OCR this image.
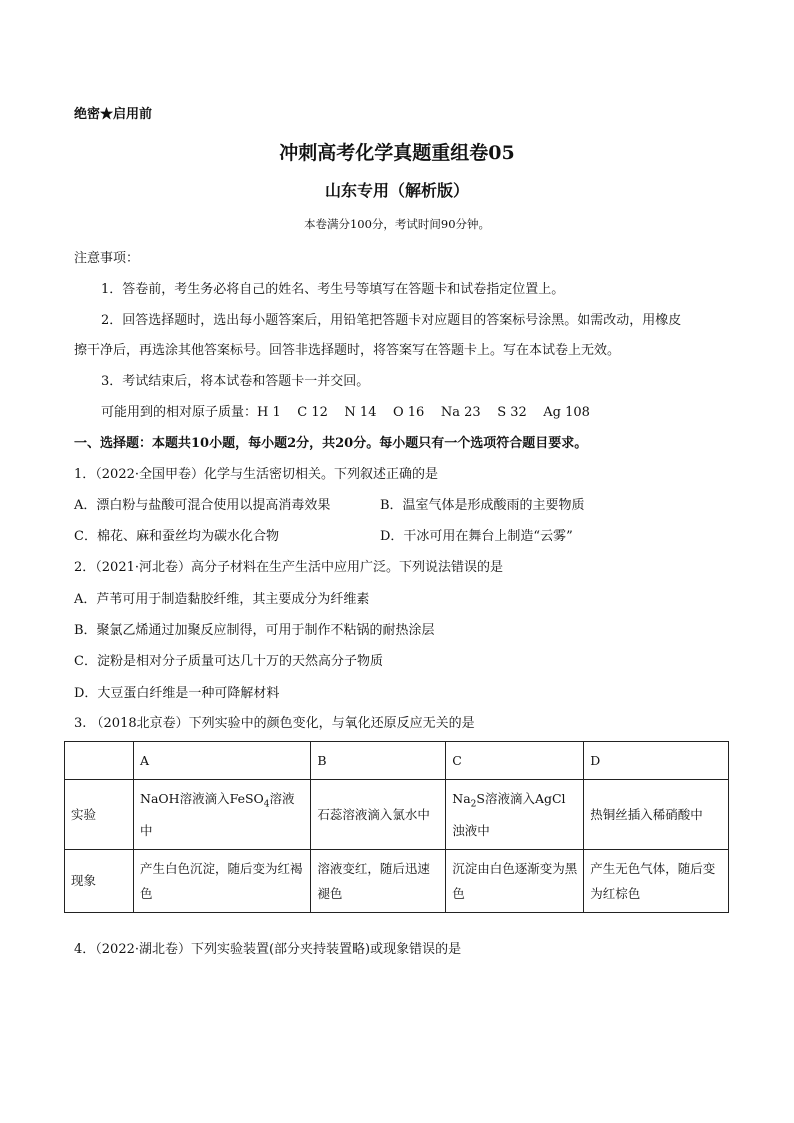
绝密★启用前
冲刺高考化学真题重组卷05
山东专用（解析版）
本卷满分100分，考试时间90分钟。
注意事项：
1．答卷前，考生务必将自己的姓名、考生号等填写在答题卡和试卷指定位置上。
2．回答选择题时，选出每小题答案后，用铅笔把答题卡对应题目的答案标号涂黑。如需改动，用橡皮
擦干净后，再选涂其他答案标号。回答非选择题时，将答案写在答题卡上。写在本试卷上无效。
3．考试结束后，将本试卷和答题卡一并交回。
可能用到的相对原子质量：H 1    C 12    N 14    O 16    Na 23    S 32    Ag 108
一、选择题：本题共10小题，每小题2分，共20分。每小题只有一个选项符合题目要求。
1．（2022·全国甲卷）化学与生活密切相关。下列叙述正确的是
A．漂白粉与盐酸可混合使用以提高消毒效果	B．温室气体是形成酸雨的主要物质
C．棉花、麻和蚕丝均为碳水化合物	D．干冰可用在舞台上制造“云雾”
2．（2021·河北卷）高分子材料在生产生活中应用广泛。下列说法错误的是
A．芦苇可用于制造黏胶纤维，其主要成分为纤维素
B．聚氯乙烯通过加聚反应制得，可用于制作不粘锅的耐热涂层
C．淀粉是相对分子质量可达几十万的天然高分子物质
D．大豆蛋白纤维是一种可降解材料
3. （2018北京卷）下列实验中的颜色变化，与氧化还原反应无关的是
	A	B	C	D
实验	NaOH溶液滴入FeSO$_4$溶液中	石蕊溶液滴入氯水中	$Na_2S$溶液滴入AgCl浊液中	热铜丝插入稀硝酸中
现象	产生白色沉淀，随后变为红褐色	溶液变红，随后迅速褪色	沉淀由白色逐渐变为黑色	产生无色气体，随后变为红棕色
4．（2022·湖北卷）下列实验装置(部分夹持装置略)或现象错误的是
